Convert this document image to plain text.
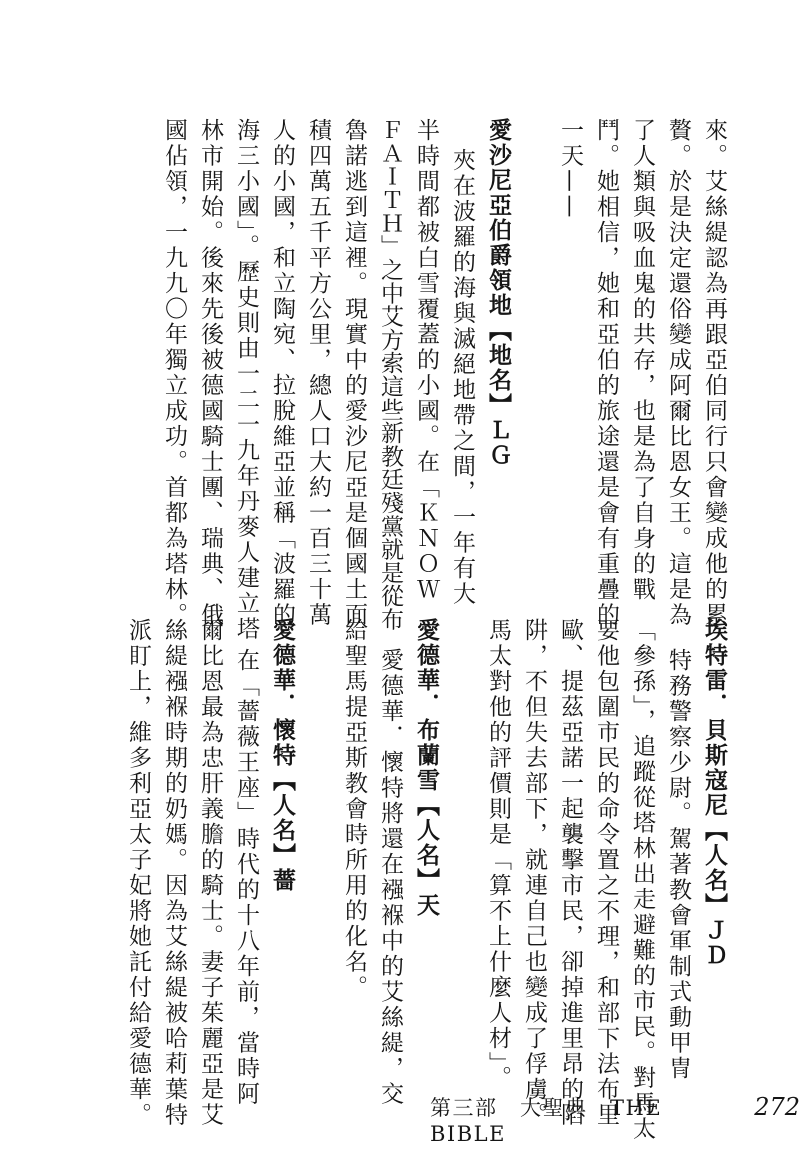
來。艾絲緹認為再跟亞伯同行只會變成他的累
贅。於是決定還俗變成阿爾比恩女王。這是為
了人類與吸血鬼的共存，也是為了自身的戰
鬥。她相信，她和亞伯的旅途還是會有重疊的
一天——
愛沙尼亞伯爵領地【地名】ＬＧ
夾在波羅的海與滅絕地帶之間，一年有大
半時間都被白雪覆蓋的小國。在「ＫＮＯＷ
ＦＡＩＴＨ」之中艾方索這些新教廷殘黨就是從布
魯諾逃到這裡。現實中的愛沙尼亞是個國土面
積四萬五千平方公里，總人口大約一百三十萬
人的小國，和立陶宛、拉脫維亞並稱「波羅的
海三小國」。歷史則由一二一九年丹麥人建立塔
林市開始。後來先後被德國騎士團、瑞典、俄
國佔領，一九九〇年獨立成功。首都為塔林。
埃特雷．貝斯寇尼【人名】ＪＤ
特務警察少尉。駕著教會軍制式動甲冑
「參孫」，追蹤從塔林出走避難的市民。對馬太
要他包圍市民的命令置之不理，和部下法布里
歐、提茲亞諾一起襲擊市民，卻掉進里昂的陷
阱，不但失去部下，就連自己也變成了俘虜。
馬太對他的評價則是「算不上什麼人材」。
愛德華．布蘭雪【人名】天
愛德華．懷特將還在襁褓中的艾絲緹，交
給聖馬提亞斯教會時所用的化名。
愛德華．懷特【人名】薔
在「薔薇王座」時代的十八年前，當時阿
爾比恩最為忠肝義膽的騎士。妻子茱麗亞是艾
絲緹襁褓時期的奶媽。因為艾絲緹被哈莉葉特
派盯上，維多利亞太子妃將她託付給愛德華。	第三部　大聖典　THE BIBLE
272
